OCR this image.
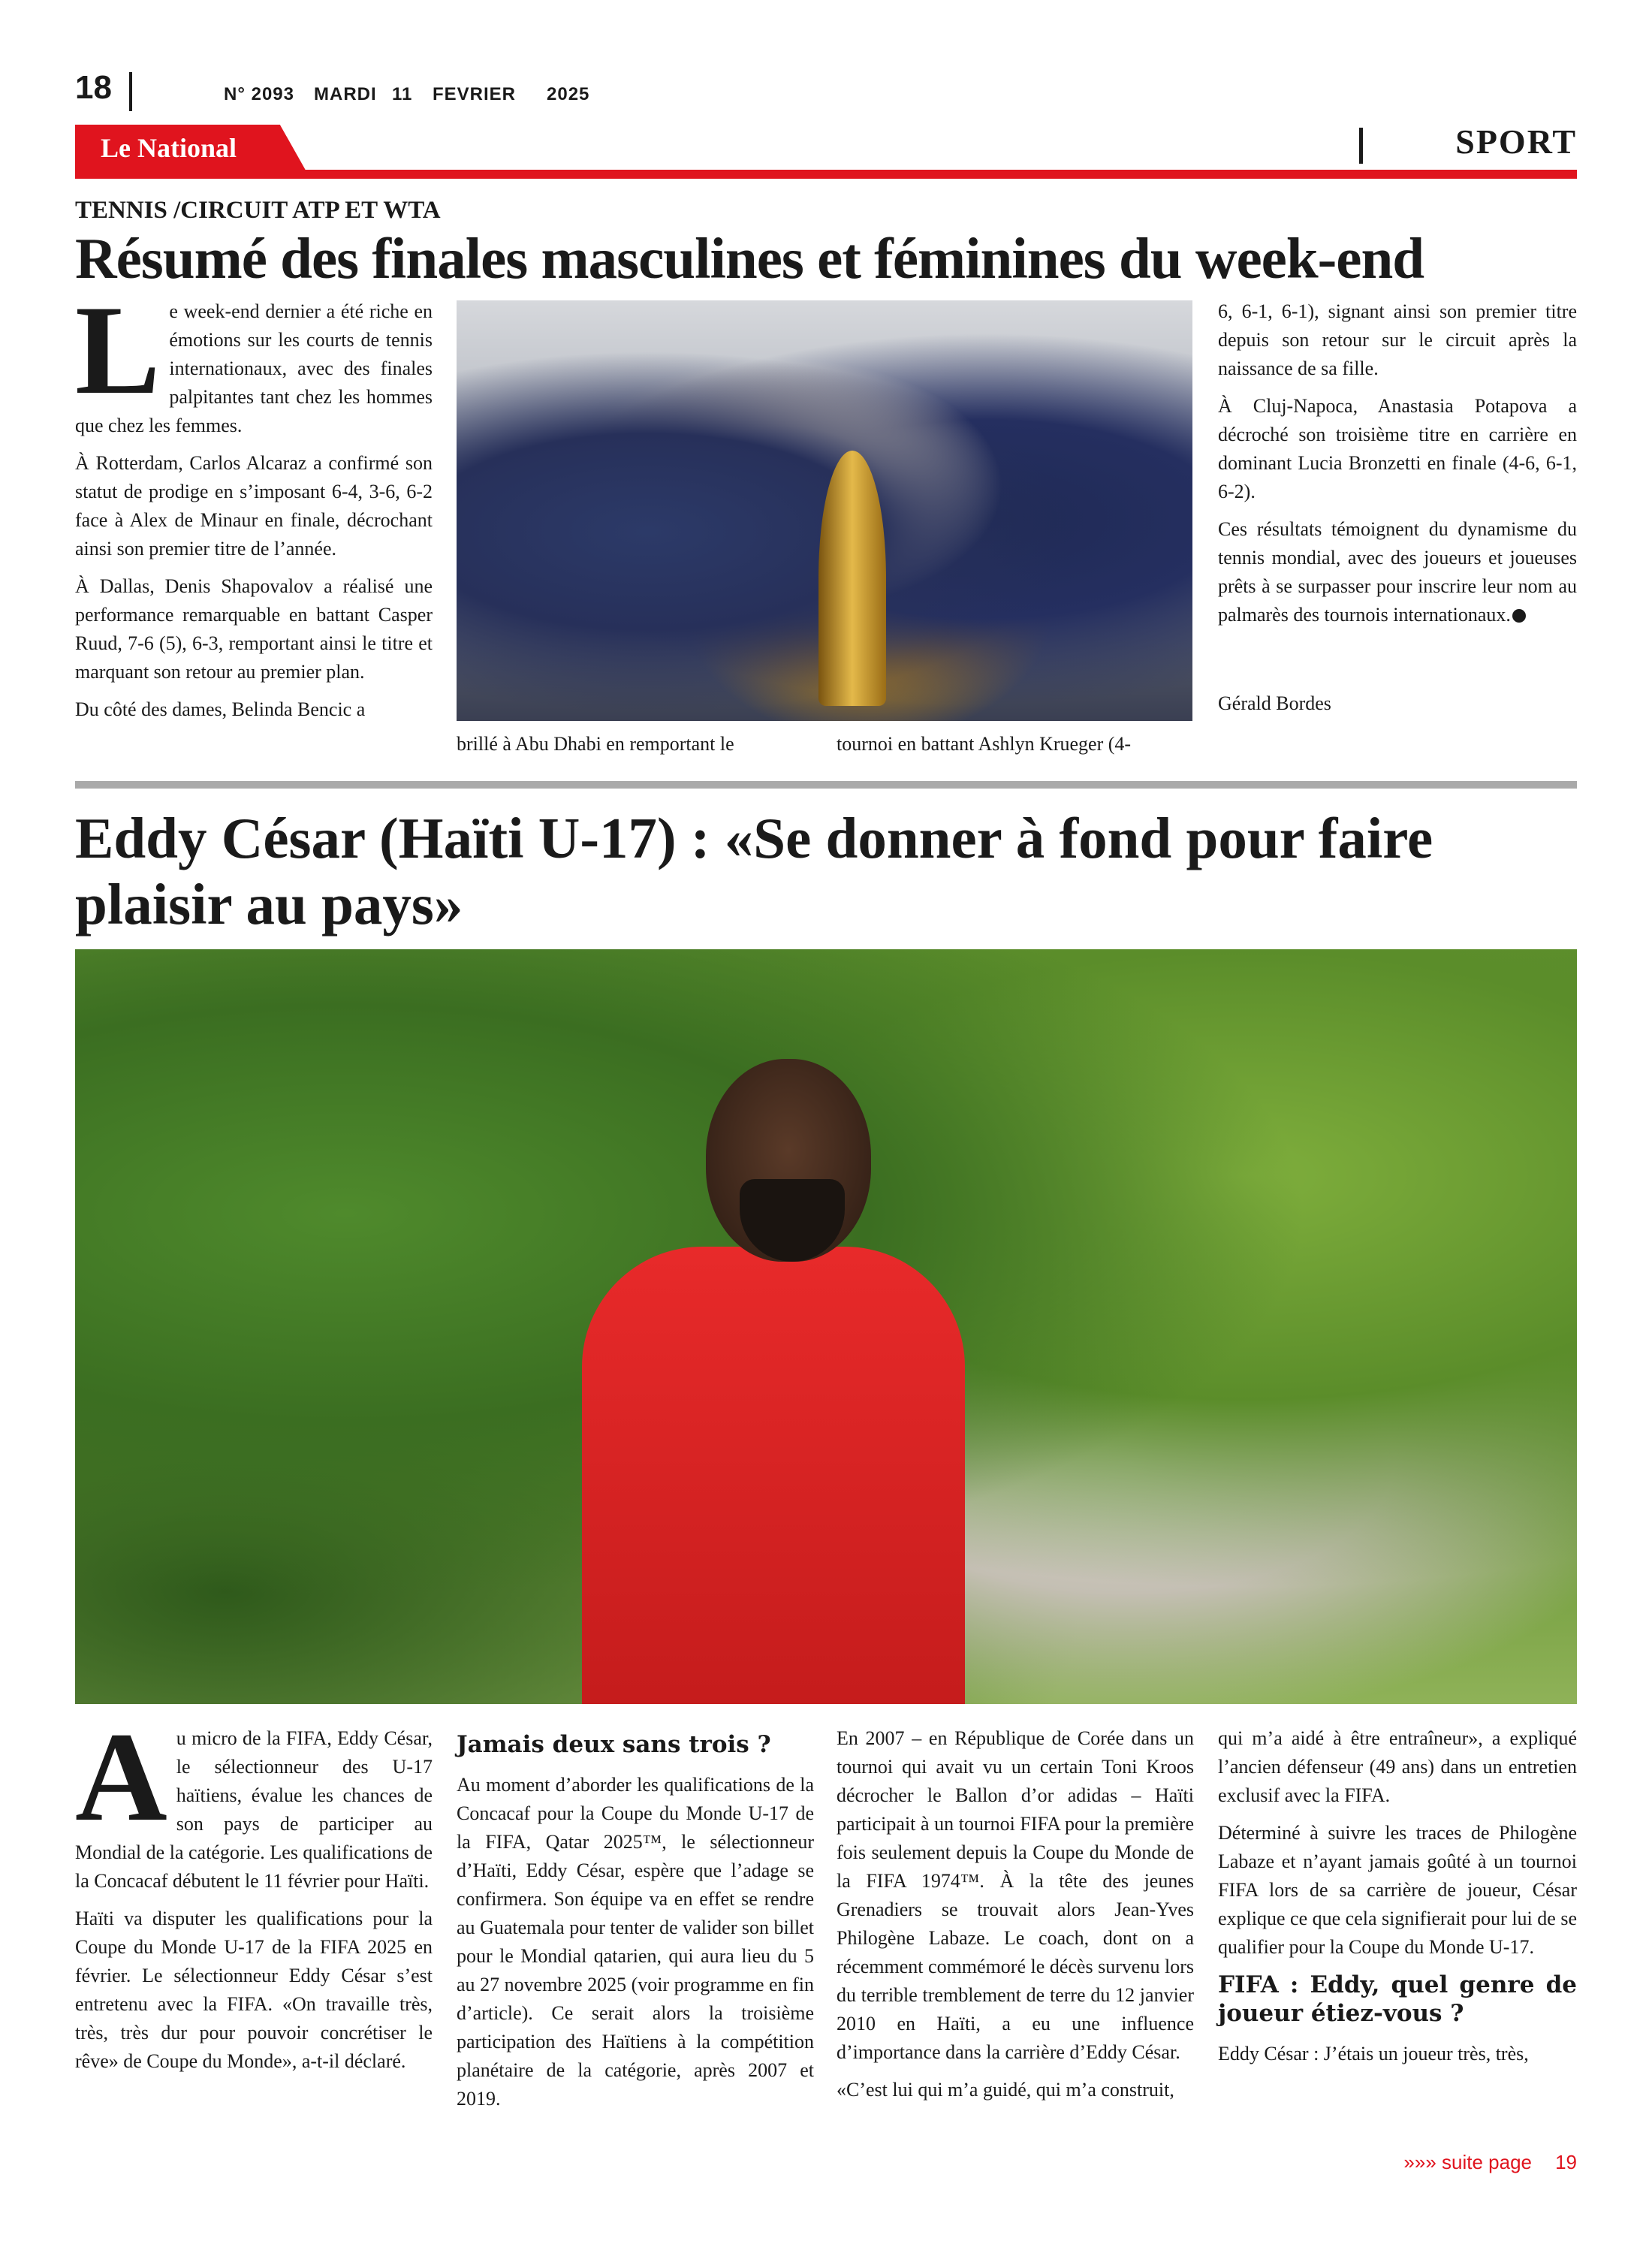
18	N° 2093 MARDI 11 FEVRIER 2025
Le National	SPORT
TENNIS /CIRCUIT ATP ET WTA
Résumé des finales masculines et féminines du week-end
L e week-end dernier a été riche en émotions sur les courts de tennis internationaux, avec des finales palpitantes tant chez les hommes que chez les femmes.

À Rotterdam, Carlos Alcaraz a confirmé son statut de prodige en s’imposant 6-4, 3-6, 6-2 face à Alex de Minaur en finale, décrochant ainsi son premier titre de l’année.

À Dallas, Denis Shapovalov a réalisé une performance remarquable en battant Casper Ruud, 7-6 (5), 6-3, remportant ainsi le titre et marquant son retour au premier plan.

Du côté des dames, Belinda Bencic a

brillé à Abu Dhabi en remportant le	tournoi en battant Ashlyn Krueger (4-

6, 6-1, 6-1), signant ainsi son premier titre depuis son retour sur le circuit après la naissance de sa fille.

À Cluj-Napoca, Anastasia Potapova a décroché son troisième titre en carrière en dominant Lucia Bronzetti en finale (4-6, 6-1, 6-2).

Ces résultats témoignent du dynamisme du tennis mondial, avec des joueurs et joueuses prêts à se surpasser pour inscrire leur nom au palmarès des tournois internationaux.

Gérald Bordes
Eddy César (Haïti U-17) : «Se donner à fond pour faire plaisir au pays»
A u micro de la FIFA, Eddy César, le sélectionneur des U-17 haïtiens, évalue les chances de son pays de participer au Mondial de la catégorie. Les qualifications de la Concacaf débutent le 11 février pour Haïti.

Haïti va disputer les qualifications pour la Coupe du Monde U-17 de la FIFA 2025 en février. Le sélectionneur Eddy César s’est entretenu avec la FIFA. «On travaille très, très, très dur pour pouvoir concrétiser le rêve» de Coupe du Monde», a-t-il déclaré.

Jamais deux sans trois ?

Au moment d’aborder les qualifications de la Concacaf pour la Coupe du Monde U-17 de la FIFA, Qatar 2025™, le sélectionneur d’Haïti, Eddy César, espère que l’adage se confirmera. Son équipe va en effet se rendre au Guatemala pour tenter de valider son billet pour le Mondial qatarien, qui aura lieu du 5 au 27 novembre 2025 (voir programme en fin d’article). Ce serait alors la troisième participation des Haïtiens à la compétition planétaire de la catégorie, après 2007 et 2019.

En 2007 – en République de Corée dans un tournoi qui avait vu un certain Toni Kroos décrocher le Ballon d’or adidas – Haïti participait à un tournoi FIFA pour la première fois seulement depuis la Coupe du Monde de la FIFA 1974™. À la tête des jeunes Grenadiers se trouvait alors Jean-Yves Philogène Labaze. Le coach, dont on a récemment commémoré le décès survenu lors du terrible tremblement de terre du 12 janvier 2010 en Haïti, a eu une influence d’importance dans la carrière d’Eddy César.

«C’est lui qui m’a guidé, qui m’a construit,

qui m’a aidé à être entraîneur», a expliqué l’ancien défenseur (49 ans) dans un entretien exclusif avec la FIFA.

Déterminé à suivre les traces de Philogène Labaze et n’ayant jamais goûté à un tournoi FIFA lors de sa carrière de joueur, César explique ce que cela signifierait pour lui de se qualifier pour la Coupe du Monde U-17.

FIFA : Eddy, quel genre de joueur étiez-vous ?

Eddy César : J’étais un joueur très, très,

»»» suite page 19
